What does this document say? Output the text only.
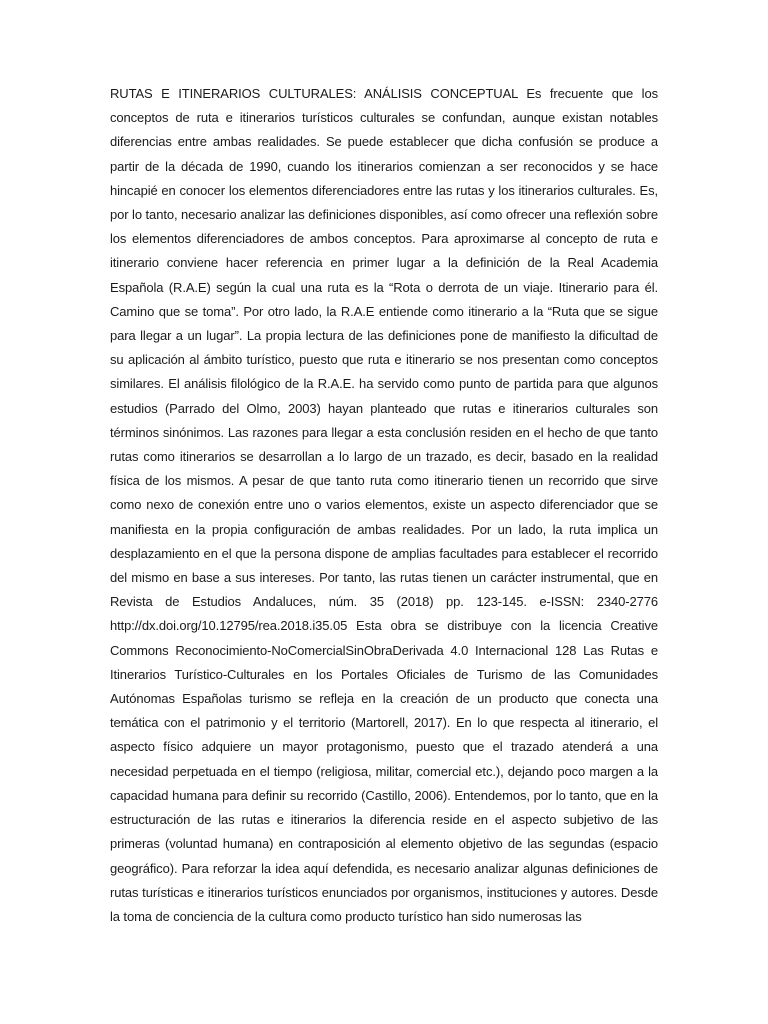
RUTAS E ITINERARIOS CULTURALES: ANÁLISIS CONCEPTUAL Es frecuente que los conceptos de ruta e itinerarios turísticos culturales se confundan, aunque existan notables diferencias entre ambas realidades. Se puede establecer que dicha confusión se produce a partir de la década de 1990, cuando los itinerarios comienzan a ser reconocidos y se hace hincapié en conocer los elementos diferenciadores entre las rutas y los itinerarios culturales. Es, por lo tanto, necesario analizar las definiciones disponibles, así como ofrecer una reflexión sobre los elementos diferenciadores de ambos conceptos. Para aproximarse al concepto de ruta e itinerario conviene hacer referencia en primer lugar a la definición de la Real Academia Española (R.A.E) según la cual una ruta es la “Rota o derrota de un viaje. Itinerario para él. Camino que se toma”. Por otro lado, la R.A.E entiende como itinerario a la “Ruta que se sigue para llegar a un lugar”. La propia lectura de las definiciones pone de manifiesto la dificultad de su aplicación al ámbito turístico, puesto que ruta e itinerario se nos presentan como conceptos similares. El análisis filológico de la R.A.E. ha servido como punto de partida para que algunos estudios (Parrado del Olmo, 2003) hayan planteado que rutas e itinerarios culturales son términos sinónimos. Las razones para llegar a esta conclusión residen en el hecho de que tanto rutas como itinerarios se desarrollan a lo largo de un trazado, es decir, basado en la realidad física de los mismos. A pesar de que tanto ruta como itinerario tienen un recorrido que sirve como nexo de conexión entre uno o varios elementos, existe un aspecto diferenciador que se manifiesta en la propia configuración de ambas realidades. Por un lado, la ruta implica un desplazamiento en el que la persona dispone de amplias facultades para establecer el recorrido del mismo en base a sus intereses. Por tanto, las rutas tienen un carácter instrumental, que en Revista de Estudios Andaluces, núm. 35 (2018) pp. 123-145. e-ISSN: 2340-2776 http://dx.doi.org/10.12795/rea.2018.i35.05 Esta obra se distribuye con la licencia Creative Commons Reconocimiento-NoComercialSinObraDerivada 4.0 Internacional 128 Las Rutas e Itinerarios Turístico-Culturales en los Portales Oficiales de Turismo de las Comunidades Autónomas Españolas turismo se refleja en la creación de un producto que conecta una temática con el patrimonio y el territorio (Martorell, 2017). En lo que respecta al itinerario, el aspecto físico adquiere un mayor protagonismo, puesto que el trazado atenderá a una necesidad perpetuada en el tiempo (religiosa, militar, comercial etc.), dejando poco margen a la capacidad humana para definir su recorrido (Castillo, 2006). Entendemos, por lo tanto, que en la estructuración de las rutas e itinerarios la diferencia reside en el aspecto subjetivo de las primeras (voluntad humana) en contraposición al elemento objetivo de las segundas (espacio geográfico). Para reforzar la idea aquí defendida, es necesario analizar algunas definiciones de rutas turísticas e itinerarios turísticos enunciados por organismos, instituciones y autores. Desde la toma de conciencia de la cultura como producto turístico han sido numerosas las
